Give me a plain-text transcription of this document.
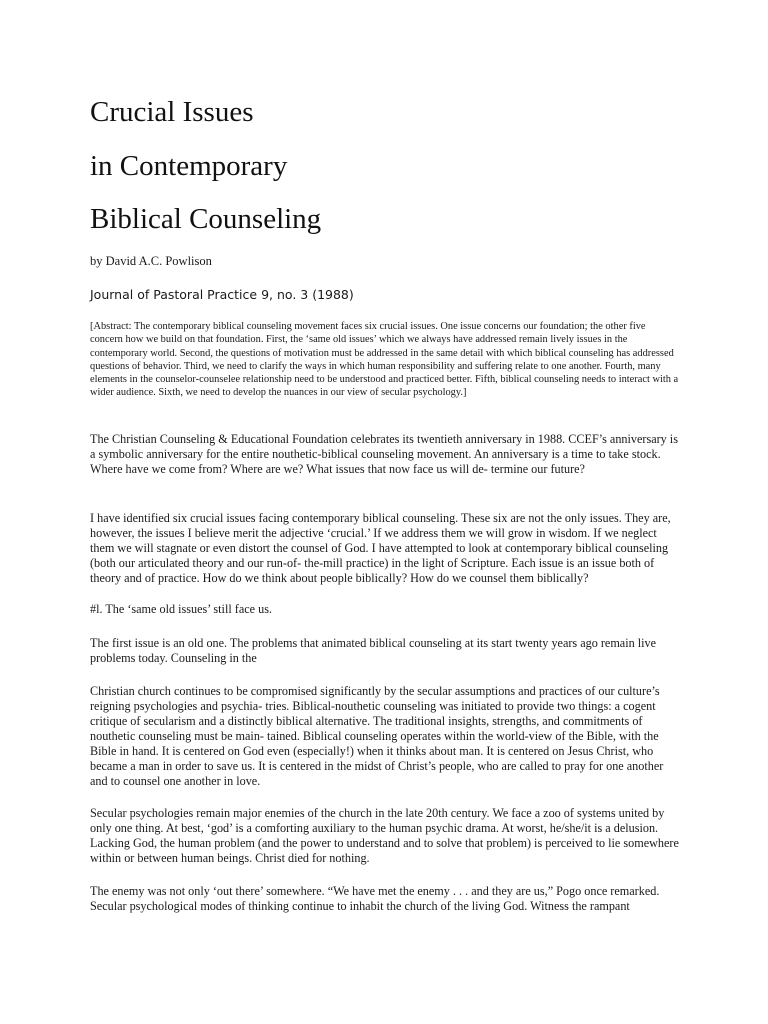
Crucial Issues
in Contemporary
Biblical Counseling
by David A.C. Powlison
Journal of Pastoral Practice 9, no. 3 (1988)
[Abstract: The contemporary biblical counseling movement faces six crucial issues. One issue concerns our foundation; the other five concern how we build on that foundation. First, the ‘same old issues’ which we always have addressed remain lively issues in the contemporary world. Second, the questions of motivation must be addressed in the same detail with which biblical counseling has addressed questions of behavior. Third, we need to clarify the ways in which human responsibility and suffering relate to one another. Fourth, many elements in the counselor-counselee relationship need to be understood and practiced better. Fifth, biblical counseling needs to interact with a wider audience. Sixth, we need to develop the nuances in our view of secular psychology.]
The Christian Counseling & Educational Foundation celebrates its twentieth anniversary in 1988. CCEF’s anniversary is a symbolic anniversary for the entire nouthetic-biblical counseling movement. An anniversary is a time to take stock. Where have we come from? Where are we? What issues that now face us will de- termine our future?
I have identified six crucial issues facing contemporary biblical counseling. These six are not the only issues. They are, however, the issues I believe merit the adjective ‘crucial.’ If we address them we will grow in wisdom. If we neglect them we will stagnate or even distort the counsel of God. I have attempted to look at contemporary biblical counseling (both our articulated theory and our run-of- the-mill practice) in the light of Scripture. Each issue is an issue both of theory and of practice. How do we think about people biblically? How do we counsel them biblically?
#l. The ‘same old issues’ still face us.
The first issue is an old one. The problems that animated biblical counseling at its start twenty years ago remain live problems today. Counseling in the
Christian church continues to be compromised significantly by the secular assumptions and practices of our culture’s reigning psychologies and psychia- tries. Biblical-nouthetic counseling was initiated to provide two things: a cogent critique of secularism and a distinctly biblical alternative. The traditional insights, strengths, and commitments of nouthetic counseling must be main- tained. Biblical counseling operates within the world-view of the Bible, with the Bible in hand. It is centered on God even (especially!) when it thinks about man. It is centered on Jesus Christ, who became a man in order to save us. It is centered in the midst of Christ’s people, who are called to pray for one another and to counsel one another in love.
Secular psychologies remain major enemies of the church in the late 20th century. We face a zoo of systems united by only one thing. At best, ‘god’ is a comforting auxiliary to the human psychic drama. At worst, he/she/it is a delusion. Lacking God, the human problem (and the power to understand and to solve that problem) is perceived to lie somewhere within or between human beings. Christ died for nothing.
The enemy was not only ‘out there’ somewhere. “We have met the enemy . . . and they are us,” Pogo once remarked. Secular psychological modes of thinking continue to inhabit the church of the living God. Witness the rampant
